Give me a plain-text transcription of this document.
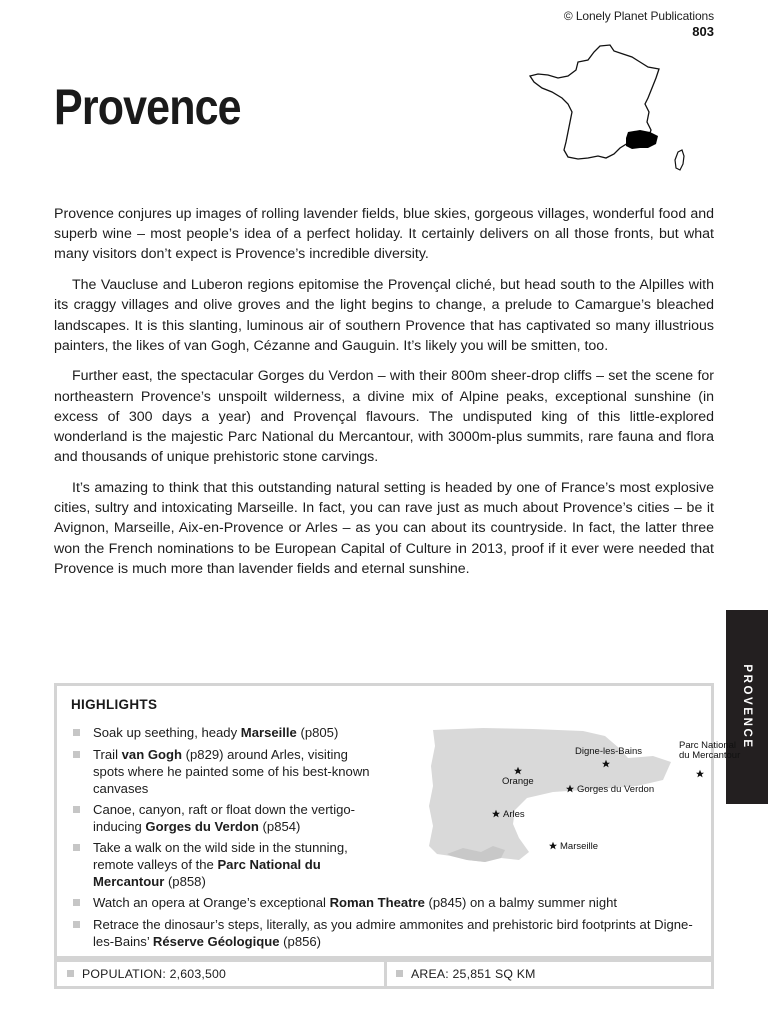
© Lonely Planet Publications
803
Provence

Provence conjures up images of rolling lavender fields, blue skies, gorgeous villages, wonderful food and superb wine – most people’s idea of a perfect holiday. It certainly delivers on all those fronts, but what many visitors don’t expect is Provence’s incredible diversity.

The Vaucluse and Luberon regions epitomise the Provençal cliché, but head south to the Alpilles with its craggy villages and olive groves and the light begins to change, a prelude to Camargue’s bleached landscapes. It is this slanting, luminous air of southern Provence that has captivated so many illustrious painters, the likes of van Gogh, Cézanne and Gauguin. It’s likely you will be smitten, too.

Further east, the spectacular Gorges du Verdon – with their 800m sheer-drop cliffs – set the scene for northeastern Provence’s unspoilt wilderness, a divine mix of Alpine peaks, exceptional sunshine (in excess of 300 days a year) and Provençal flavours. The undisputed king of this little-explored wonderland is the majestic Parc National du Mercantour, with 3000m-plus summits, rare fauna and flora and thousands of unique prehistoric stone carvings.

It’s amazing to think that this outstanding natural setting is headed by one of France’s most explosive cities, sultry and intoxicating Marseille. In fact, you can rave just as much about Provence’s cities – be it Avignon, Marseille, Aix-en-Provence or Arles – as you can about its countryside. In fact, the latter three won the French nominations to be European Capital of Culture in 2013, proof if it ever were needed that Provence is much more than lavender fields and eternal sunshine.

PROVENCE
HIGHLIGHTS
Soak up seething, heady Marseille (p805)
Trail van Gogh (p829) around Arles, visiting spots where he painted some of his best-known canvases
Canoe, canyon, raft or float down the vertigo-inducing Gorges du Verdon (p854)
Take a walk on the wild side in the stunning, remote valleys of the Parc National du Mercantour (p858)
Watch an opera at Orange’s exceptional Roman Theatre (p845) on a balmy summer night
Retrace the dinosaur’s steps, literally, as you admire ammonites and prehistoric bird footprints at Digne-les-Bains’ Réserve Géologique (p856)
Digne-les-Bains
Parc National
du Mercantour
Orange
Gorges du Verdon
Arles
Marseille
POPULATION: 2,603,500	AREA: 25,851 SQ KM
